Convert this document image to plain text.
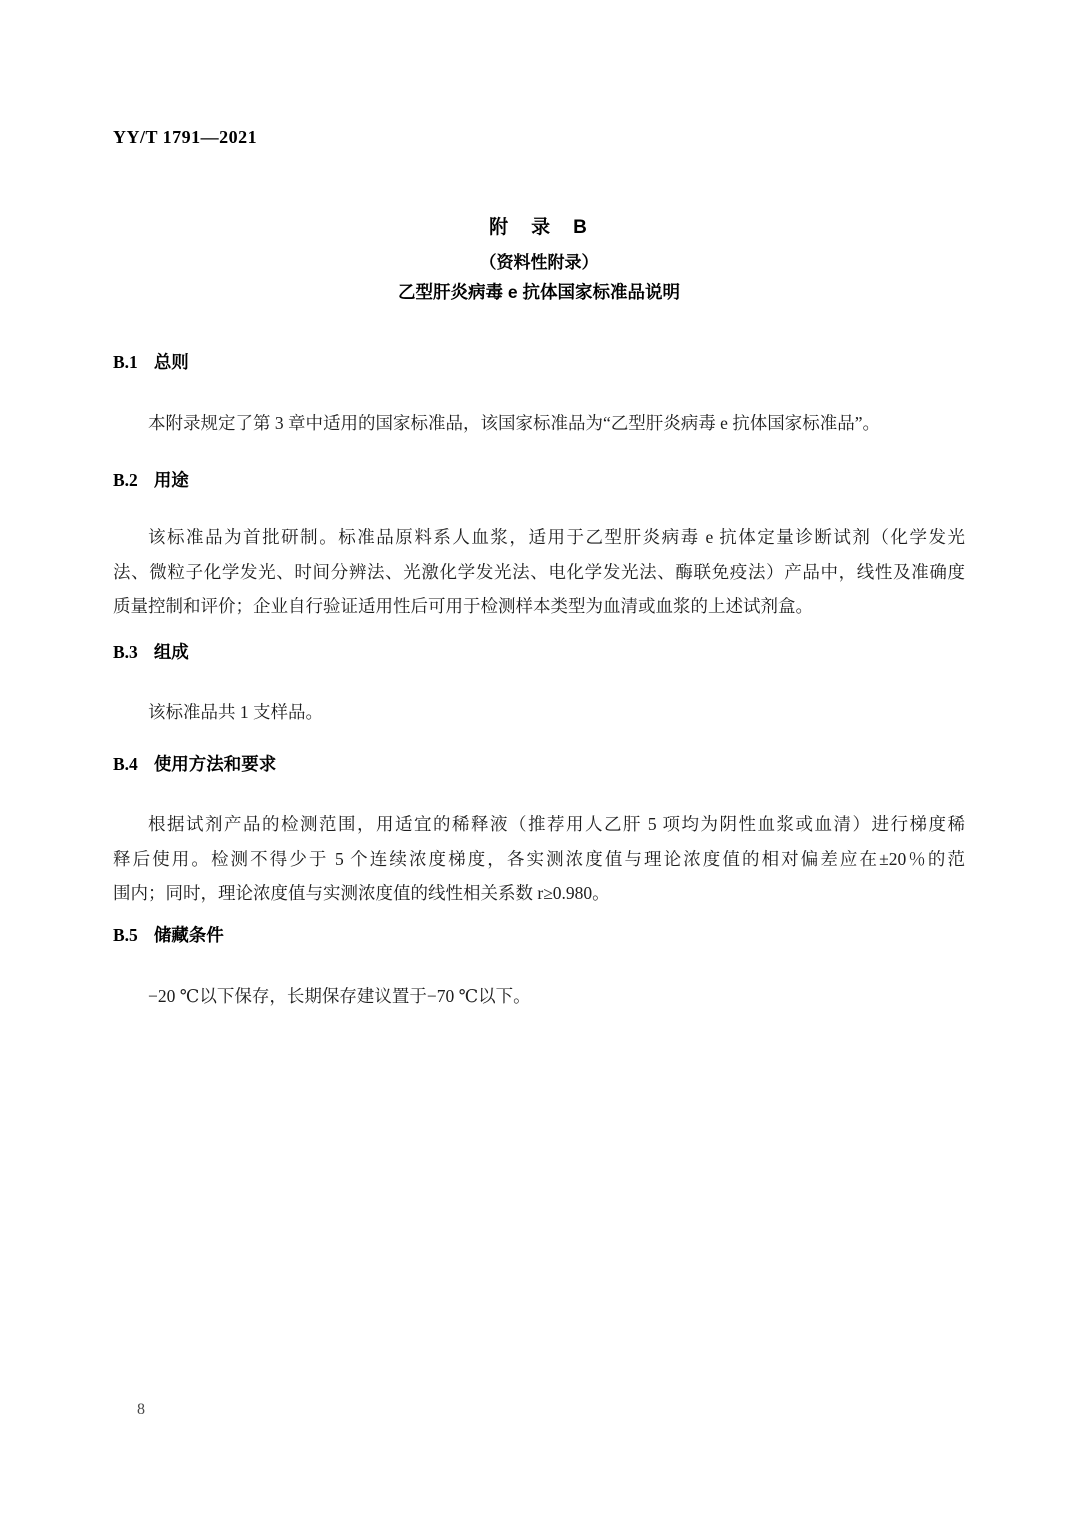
YY/T 1791—2021
附　录　B
（资料性附录）
乙型肝炎病毒 e 抗体国家标准品说明
B.1 总则
本附录规定了第 3 章中适用的国家标准品，该国家标准品为“乙型肝炎病毒 e 抗体国家标准品”。
B.2 用途
该标准品为首批研制。标准品原料系人血浆，适用于乙型肝炎病毒 e 抗体定量诊断试剂（化学发光
法、微粒子化学发光、时间分辨法、光激化学发光法、电化学发光法、酶联免疫法）产品中，线性及准确度
质量控制和评价；企业自行验证适用性后可用于检测样本类型为血清或血浆的上述试剂盒。
B.3 组成
该标准品共 1 支样品。
B.4 使用方法和要求
根据试剂产品的检测范围，用适宜的稀释液（推荐用人乙肝 5 项均为阴性血浆或血清）进行梯度稀
释后使用。检测不得少于 5 个连续浓度梯度，各实测浓度值与理论浓度值的相对偏差应在±20％的范
围内；同时，理论浓度值与实测浓度值的线性相关系数 r≥0.980。
B.5 储藏条件
−20 ℃以下保存，长期保存建议置于−70 ℃以下。
8
